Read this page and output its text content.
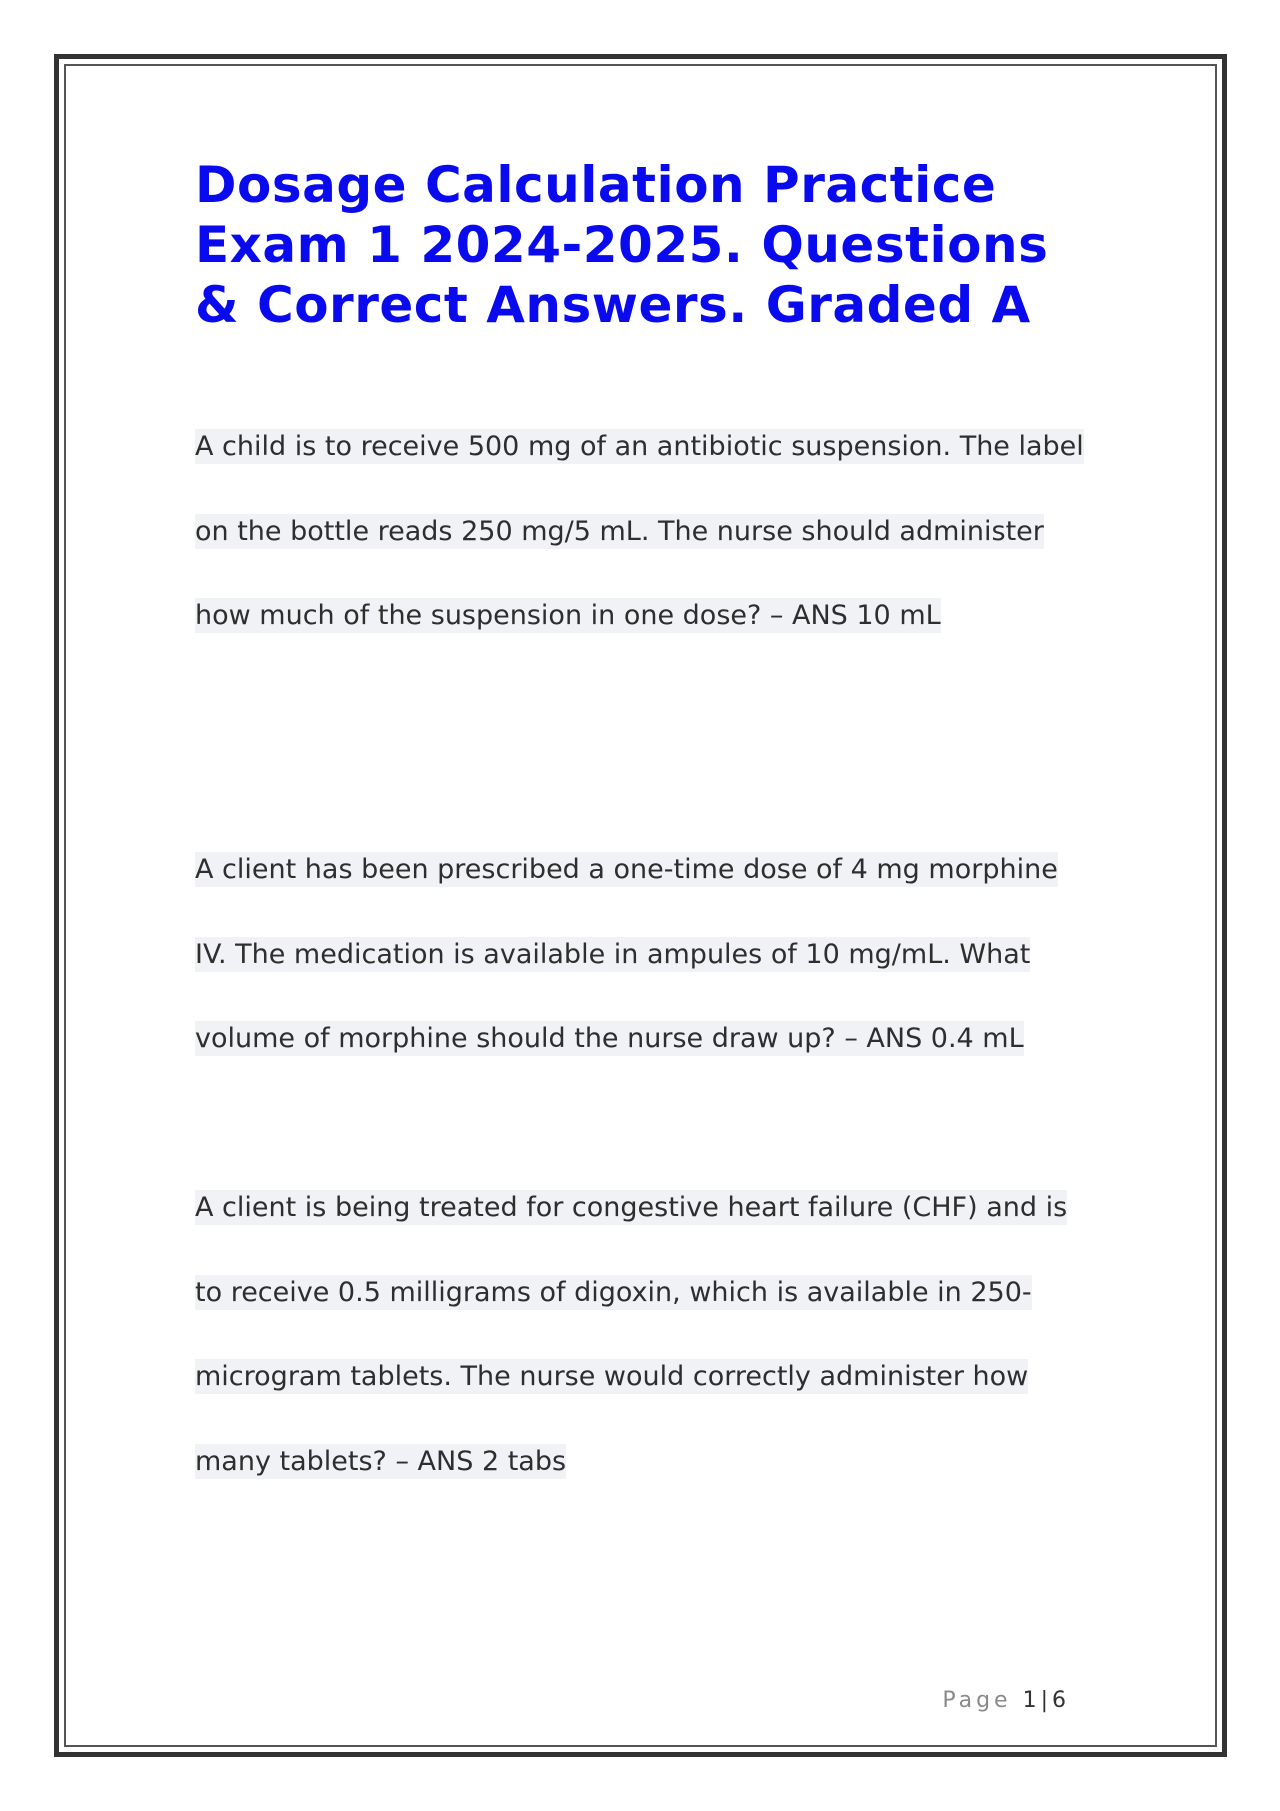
Dosage Calculation Practice Exam 1 2024-2025. Questions & Correct Answers. Graded A

A child is to receive 500 mg of an antibiotic suspension. The label on the bottle reads 250 mg/5 mL. The nurse should administer how much of the suspension in one dose? – ANS 10 mL

A client has been prescribed a one-time dose of 4 mg morphine IV. The medication is available in ampules of 10 mg/mL. What volume of morphine should the nurse draw up? – ANS 0.4 mL

A client is being treated for congestive heart failure (CHF) and is to receive 0.5 milligrams of digoxin, which is available in 250-microgram tablets. The nurse would correctly administer how many tablets? – ANS 2 tabs

Page 1 | 6
